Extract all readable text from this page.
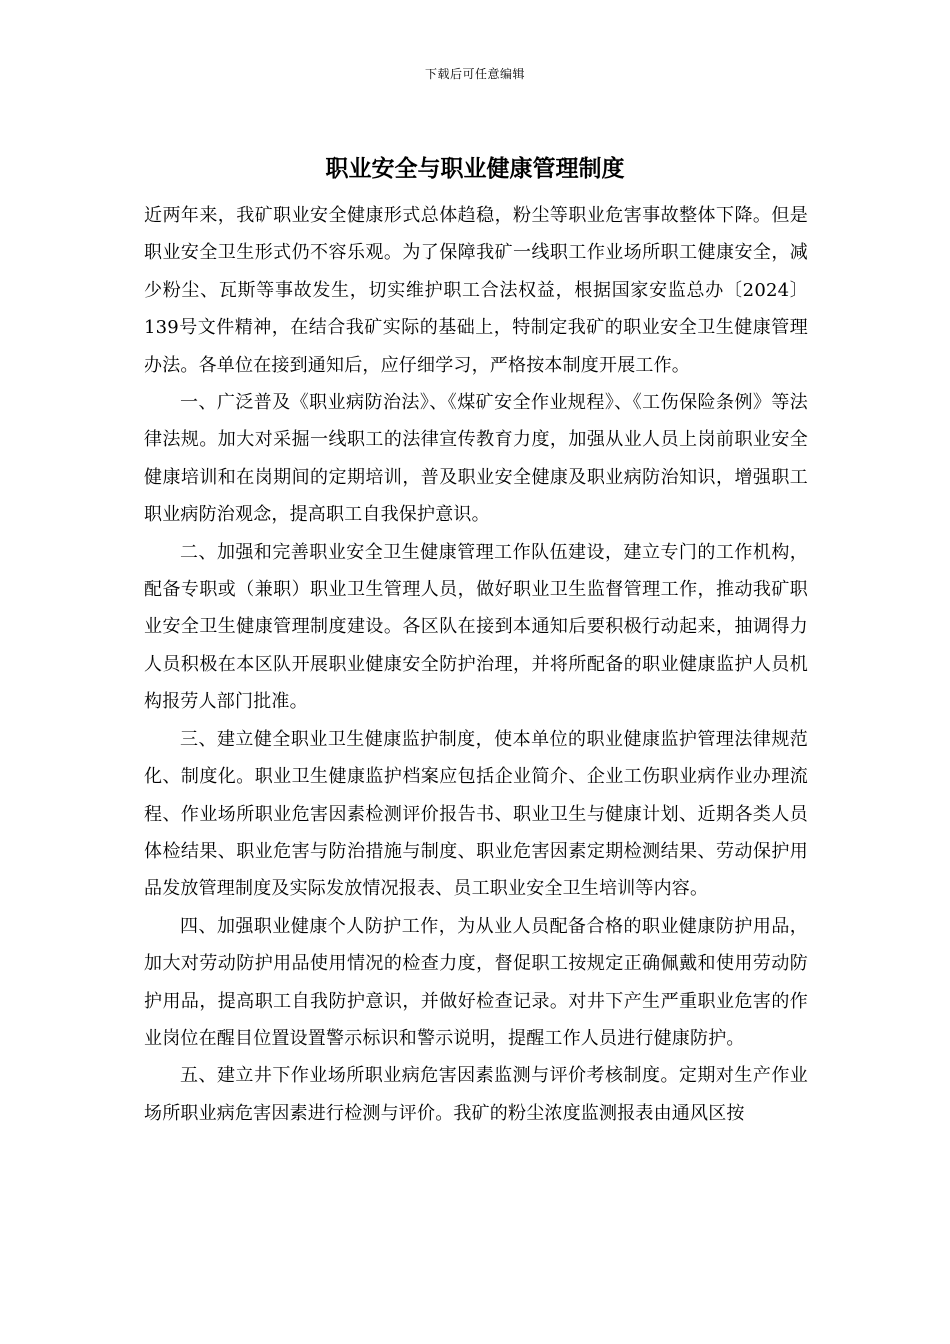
下载后可任意编辑
职业安全与职业健康管理制度

近两年来，我矿职业安全健康形式总体趋稳，粉尘等职业危害事故整体下降。但是职业安全卫生形式仍不容乐观。为了保障我矿一线职工作业场所职工健康安全，减少粉尘、瓦斯等事故发生，切实维护职工合法权益，根据国家安监总办〔2024〕139号文件精神，在结合我矿实际的基础上，特制定我矿的职业安全卫生健康管理办法。各单位在接到通知后，应仔细学习，严格按本制度开展工作。

一、广泛普及《职业病防治法》、《煤矿安全作业规程》、《工伤保险条例》等法律法规。加大对采掘一线职工的法律宣传教育力度，加强从业人员上岗前职业安全健康培训和在岗期间的定期培训，普及职业安全健康及职业病防治知识，增强职工职业病防治观念，提高职工自我保护意识。

二、加强和完善职业安全卫生健康管理工作队伍建设，建立专门的工作机构，配备专职或（兼职）职业卫生管理人员，做好职业卫生监督管理工作，推动我矿职业安全卫生健康管理制度建设。各区队在接到本通知后要积极行动起来，抽调得力人员积极在本区队开展职业健康安全防护治理，并将所配备的职业健康监护人员机构报劳人部门批准。

三、建立健全职业卫生健康监护制度，使本单位的职业健康监护管理法律规范化、制度化。职业卫生健康监护档案应包括企业简介、企业工伤职业病作业办理流程、作业场所职业危害因素检测评价报告书、职业卫生与健康计划、近期各类人员体检结果、职业危害与防治措施与制度、职业危害因素定期检测结果、劳动保护用品发放管理制度及实际发放情况报表、员工职业安全卫生培训等内容。

四、加强职业健康个人防护工作，为从业人员配备合格的职业健康防护用品，加大对劳动防护用品使用情况的检查力度，督促职工按规定正确佩戴和使用劳动防护用品，提高职工自我防护意识，并做好检查记录。对井下产生严重职业危害的作业岗位在醒目位置设置警示标识和警示说明，提醒工作人员进行健康防护。

五、建立井下作业场所职业病危害因素监测与评价考核制度。定期对生产作业场所职业病危害因素进行检测与评价。我矿的粉尘浓度监测报表由通风区按
